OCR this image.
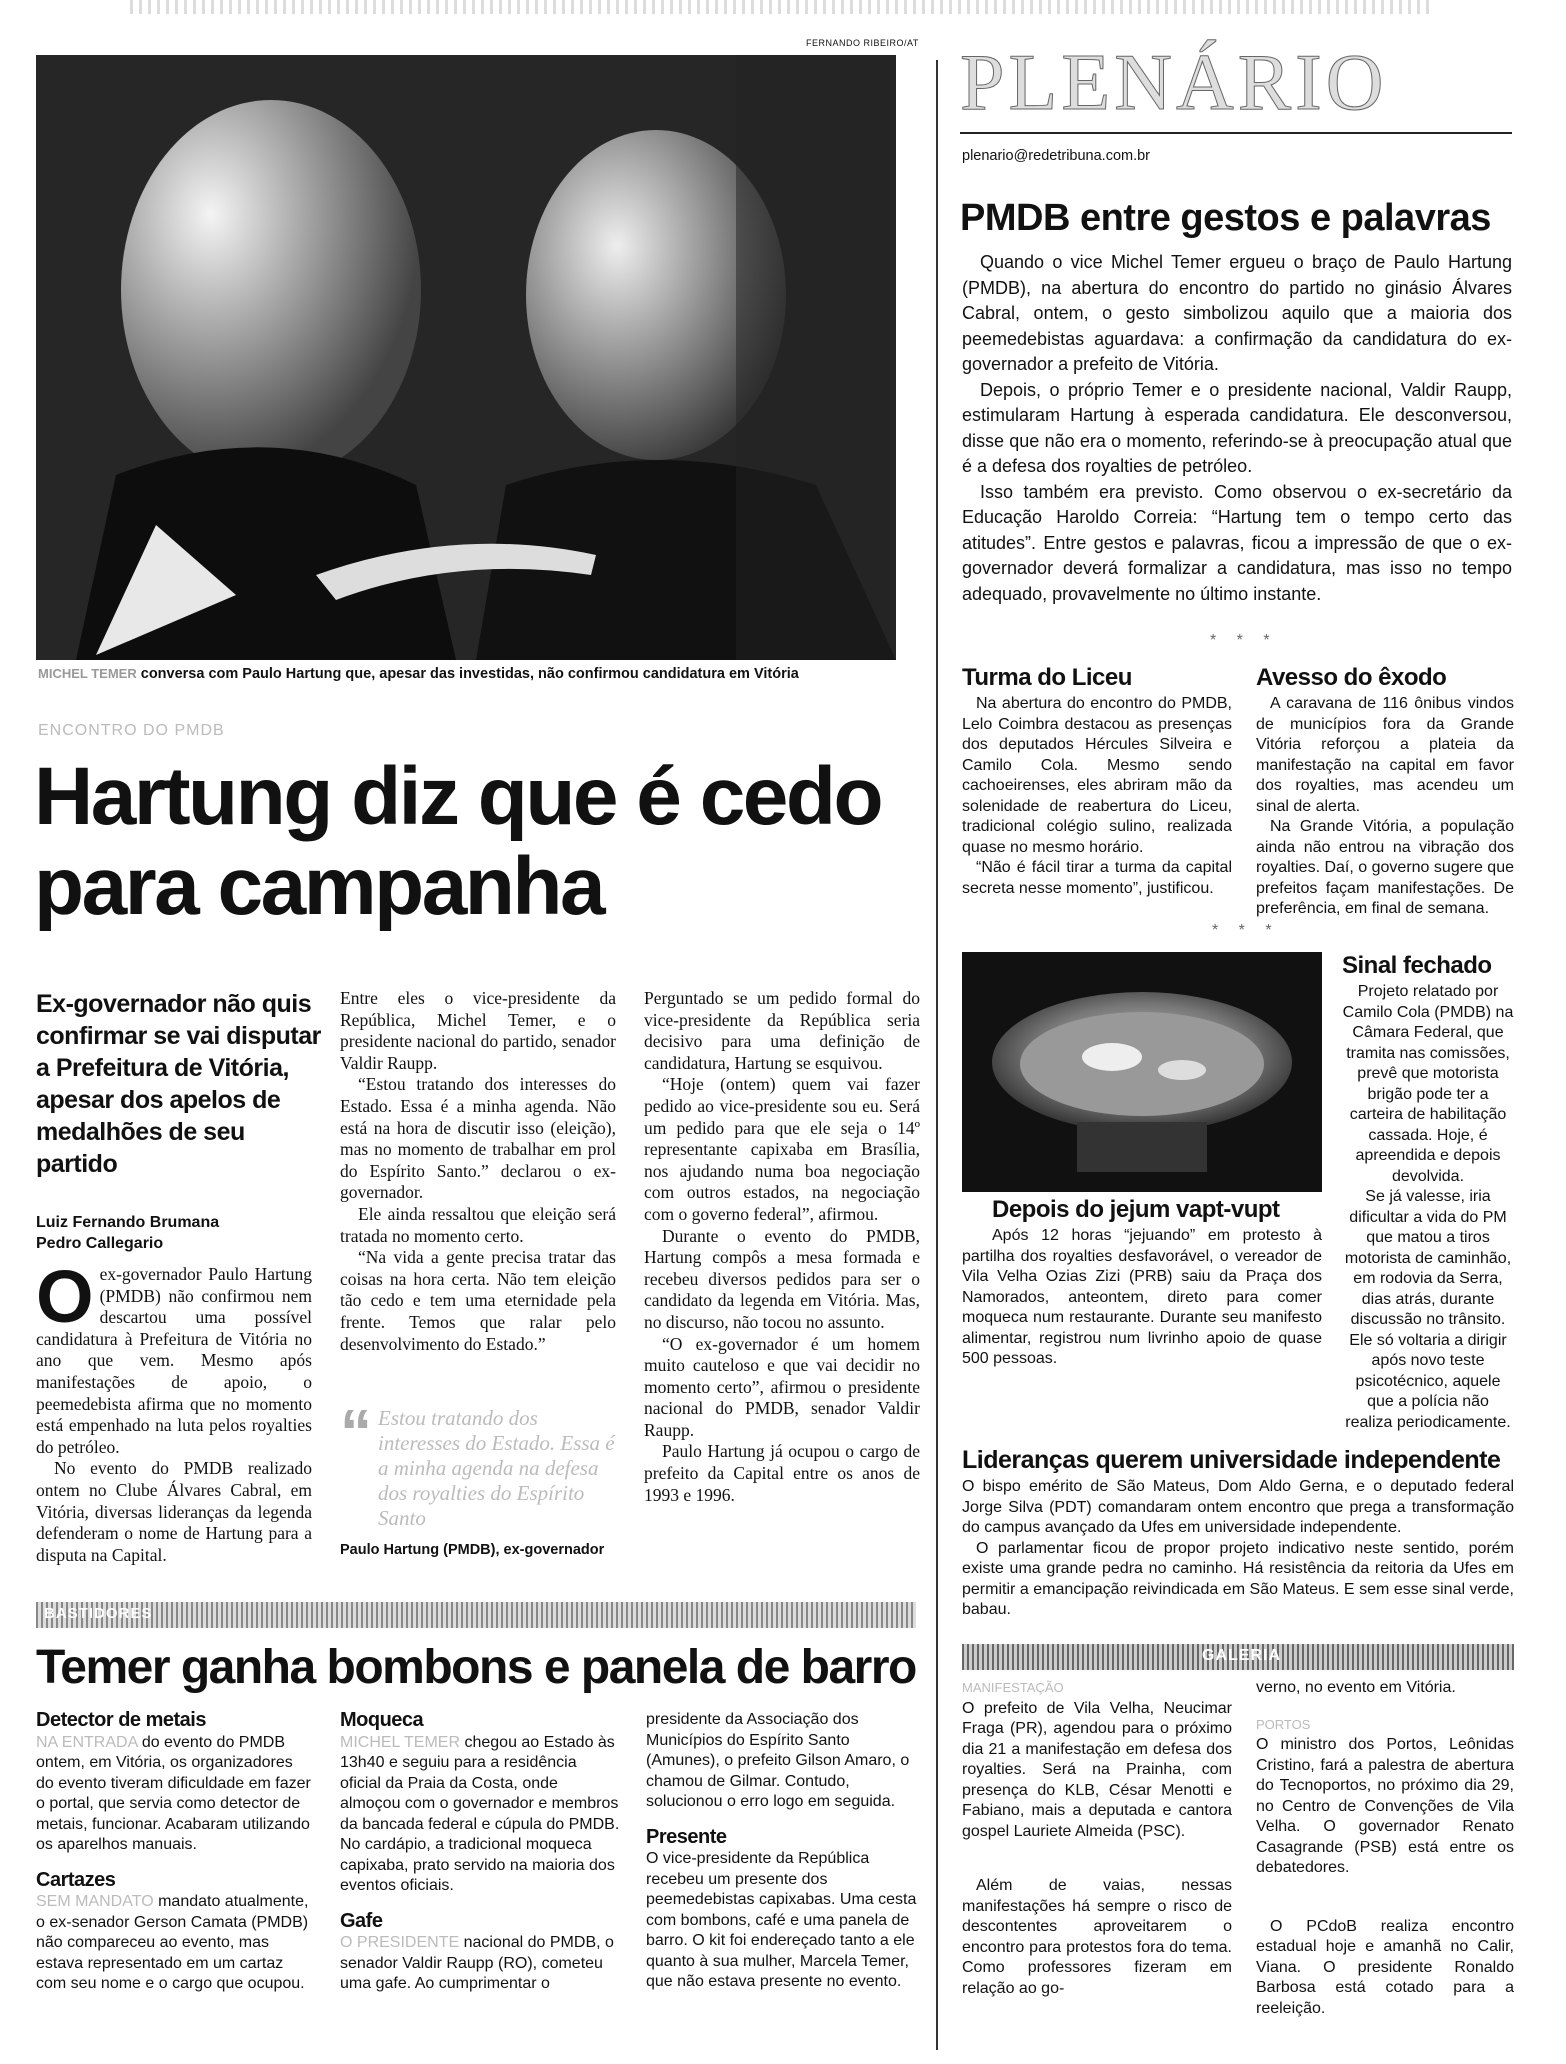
FERNANDO RIBEIRO/AT
MICHEL TEMER conversa com Paulo Hartung que, apesar das investidas, não confirmou candidatura em Vitória
ENCONTRO DO PMDB
Hartung diz que é cedo para campanha
Ex-governador não quis confirmar se vai disputar a Prefeitura de Vitória, apesar dos apelos de medalhões de seu partido
Luiz Fernando Brumana
Pedro Callegario
O ex-governador Paulo Hartung (PMDB) não confirmou nem descartou uma possível candidatura à Prefeitura de Vitória no ano que vem. Mesmo após manifestações de apoio, o peemedebista afirma que no momento está empenhado na luta pelos royalties do petróleo.

No evento do PMDB realizado ontem no Clube Álvares Cabral, em Vitória, diversas lideranças da legenda defenderam o nome de Hartung para a disputa na Capital.

Entre eles o vice-presidente da República, Michel Temer, e o presidente nacional do partido, senador Valdir Raupp.

“Estou tratando dos interesses do Estado. Essa é a minha agenda. Não está na hora de discutir isso (eleição), mas no momento de trabalhar em prol do Espírito Santo.” declarou o ex-governador.

Ele ainda ressaltou que eleição será tratada no momento certo.

“Na vida a gente precisa tratar das coisas na hora certa. Não tem eleição tão cedo e tem uma eternidade pela frente. Temos que ralar pelo desenvolvimento do Estado.”

“ Estou tratando dos interesses do Estado. Essa é a minha agenda na defesa dos royalties do Espírito Santo
Paulo Hartung (PMDB), ex-governador

Perguntado se um pedido formal do vice-presidente da República seria decisivo para uma definição de candidatura, Hartung se esquivou.

“Hoje (ontem) quem vai fazer pedido ao vice-presidente sou eu. Será um pedido para que ele seja o 14º representante capixaba em Brasília, nos ajudando numa boa negociação com outros estados, na negociação com o governo federal”, afirmou.

Durante o evento do PMDB, Hartung compôs a mesa formada e recebeu diversos pedidos para ser o candidato da legenda em Vitória. Mas, no discurso, não tocou no assunto.

“O ex-governador é um homem muito cauteloso e que vai decidir no momento certo”, afirmou o presidente nacional do PMDB, senador Valdir Raupp.

Paulo Hartung já ocupou o cargo de prefeito da Capital entre os anos de 1993 e 1996.

BASTIDORES
Temer ganha bombons e panela de barro
Detector de metais
NA ENTRADA do evento do PMDB ontem, em Vitória, os organizadores do evento tiveram dificuldade em fazer o portal, que servia como detector de metais, funcionar. Acabaram utilizando os aparelhos manuais.
Cartazes
SEM MANDATO mandato atualmente, o ex-senador Gerson Camata (PMDB) não compareceu ao evento, mas estava representado em um cartaz com seu nome e o cargo que ocupou.
Moqueca
MICHEL TEMER chegou ao Estado às 13h40 e seguiu para a residência oficial da Praia da Costa, onde almoçou com o governador e membros da bancada federal e cúpula do PMDB. No cardápio, a tradicional moqueca capixaba, prato servido na maioria dos eventos oficiais.
Gafe
O PRESIDENTE nacional do PMDB, o senador Valdir Raupp (RO), cometeu uma gafe. Ao cumprimentar o
presidente da Associação dos Municípios do Espírito Santo (Amunes), o prefeito Gilson Amaro, o chamou de Gilmar. Contudo, solucionou o erro logo em seguida.
Presente
O vice-presidente da República recebeu um presente dos peemedebistas capixabas. Uma cesta com bombons, café e uma panela de barro. O kit foi endereçado tanto a ele quanto à sua mulher, Marcela Temer, que não estava presente no evento.
PLENÁRIO
plenario@redetribuna.com.br
PMDB entre gestos e palavras

Quando o vice Michel Temer ergueu o braço de Paulo Hartung (PMDB), na abertura do encontro do partido no ginásio Álvares Cabral, ontem, o gesto simbolizou aquilo que a maioria dos peemedebistas aguardava: a confirmação da candidatura do ex-governador a prefeito de Vitória.

Depois, o próprio Temer e o presidente nacional, Valdir Raupp, estimularam Hartung à esperada candidatura. Ele desconversou, disse que não era o momento, referindo-se à preocupação atual que é a defesa dos royalties de petróleo.

Isso também era previsto. Como observou o ex-secretário da Educação Haroldo Correia: “Hartung tem o tempo certo das atitudes”. Entre gestos e palavras, ficou a impressão de que o ex-governador deverá formalizar a candidatura, mas isso no tempo adequado, provavelmente no último instante.

* * *
Turma do Liceu

Na abertura do encontro do PMDB, Lelo Coimbra destacou as presenças dos deputados Hércules Silveira e Camilo Cola. Mesmo sendo cachoeirenses, eles abriram mão da solenidade de reabertura do Liceu, tradicional colégio sulino, realizada quase no mesmo horário.

“Não é fácil tirar a turma da capital secreta nesse momento”, justificou.

Avesso do êxodo

A caravana de 116 ônibus vindos de municípios fora da Grande Vitória reforçou a plateia da manifestação na capital em favor dos royalties, mas acendeu um sinal de alerta.

Na Grande Vitória, a população ainda não entrou na vibração dos royalties. Daí, o governo sugere que prefeitos façam manifestações. De preferência, em final de semana.

* * *
Depois do jejum vapt-vupt
Após 12 horas “jejuando” em protesto à partilha dos royalties desfavorável, o vereador de Vila Velha Ozias Zizi (PRB) saiu da Praça dos Namorados, anteontem, direto para comer moqueca num restaurante. Durante seu manifesto alimentar, registrou num livrinho apoio de quase 500 pessoas.
Sinal fechado

Projeto relatado por Camilo Cola (PMDB) na Câmara Federal, que tramita nas comissões, prevê que motorista brigão pode ter a carteira de habilitação cassada. Hoje, é apreendida e depois devolvida.

Se já valesse, iria dificultar a vida do PM que matou a tiros motorista de caminhão, em rodovia da Serra, dias atrás, durante discussão no trânsito. Ele só voltaria a dirigir após novo teste psicotécnico, aquele que a polícia não realiza periodicamente.

Lideranças querem universidade independente

O bispo emérito de São Mateus, Dom Aldo Gerna, e o deputado federal Jorge Silva (PDT) comandaram ontem encontro que prega a transformação do campus avançado da Ufes em universidade independente.

O parlamentar ficou de propor projeto indicativo neste sentido, porém existe uma grande pedra no caminho. Há resistência da reitoria da Ufes em permitir a emancipação reivindicada em São Mateus. E sem esse sinal verde, babau.

GALERIA
MANIFESTAÇÃO
O prefeito de Vila Velha, Neucimar Fraga (PR), agendou para o próximo dia 21 a manifestação em defesa dos royalties. Será na Prainha, com presença do KLB, César Menotti e Fabiano, mais a deputada e cantora gospel Lauriete Almeida (PSC).
Além de vaias, nessas manifestações há sempre o risco de descontentes aproveitarem o encontro para protestos fora do tema. Como professores fizeram em relação ao go-
verno, no evento em Vitória.
PORTOS
O ministro dos Portos, Leônidas Cristino, fará a palestra de abertura do Tecnoportos, no próximo dia 29, no Centro de Convenções de Vila Velha. O governador Renato Casagrande (PSB) está entre os debatedores.
O PCdoB realiza encontro estadual hoje e amanhã no Calir, Viana. O presidente Ronaldo Barbosa está cotado para a reeleição.
